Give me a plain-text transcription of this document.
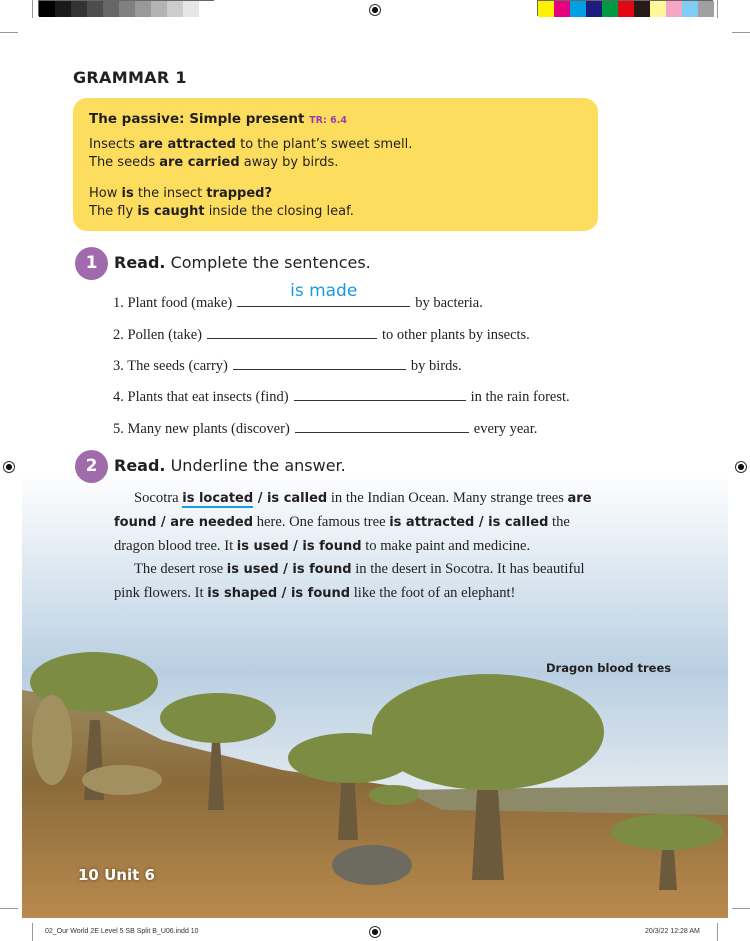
GRAMMAR 1
The passive: Simple present TR: 6.4

Insects are attracted to the plant’s sweet smell.

The seeds are carried away by birds.

How is the insect trapped?

The fly is caught inside the closing leaf.

1	Read. Complete the sentences.
1. Plant food (make)
is made
by bacteria.
2. Pollen (take)	to other plants by insects.
3. The seeds (carry)	by birds.
4. Plants that eat insects (find)	in the rain forest.
5. Many new plants (discover)	every year.
2	Read. Underline the answer.

Socotra is located / is called in the Indian Ocean. Many strange trees are found / are needed here. One famous tree is attracted / is called the dragon blood tree. It is used / is found to make paint and medicine.

The desert rose is used / is found in the desert in Socotra. It has beautiful pink flowers. It is shaped / is found like the foot of an elephant!

Dragon blood trees
10 Unit 6
02_Our World 2E Level 5 SB Split B_U06.indd 10	20/3/22 12:28 AM
